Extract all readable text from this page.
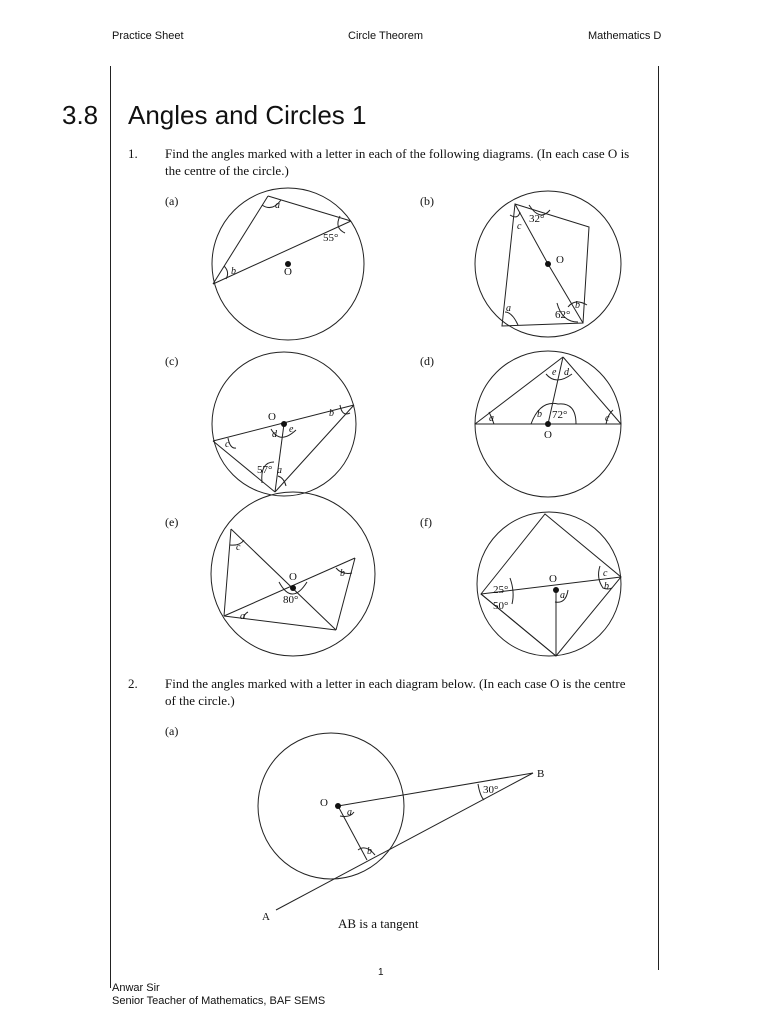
Practice Sheet	Circle Theorem	Mathematics D
3.8 Angles and Circles 1
1. Find the angles marked with a letter in each of the following diagrams. (In each case O is the centre of the circle.)
(a)	(b)
(c)	(d)
(e)	(f)
O
a
55°
b
O
32°
c
a	b
62°
O	b
e
d
c
57° a
O
e d
a	b 72°	c
O
c
b
80°
a
O
25°
50°
a
c
b
O
B
A
30°
a
b
2. Find the angles marked with a letter in each diagram below. (In each case O is the centre of the circle.)
(a)
AB is a tangent
1
Anwar Sir
Senior Teacher of Mathematics, BAF SEMS
